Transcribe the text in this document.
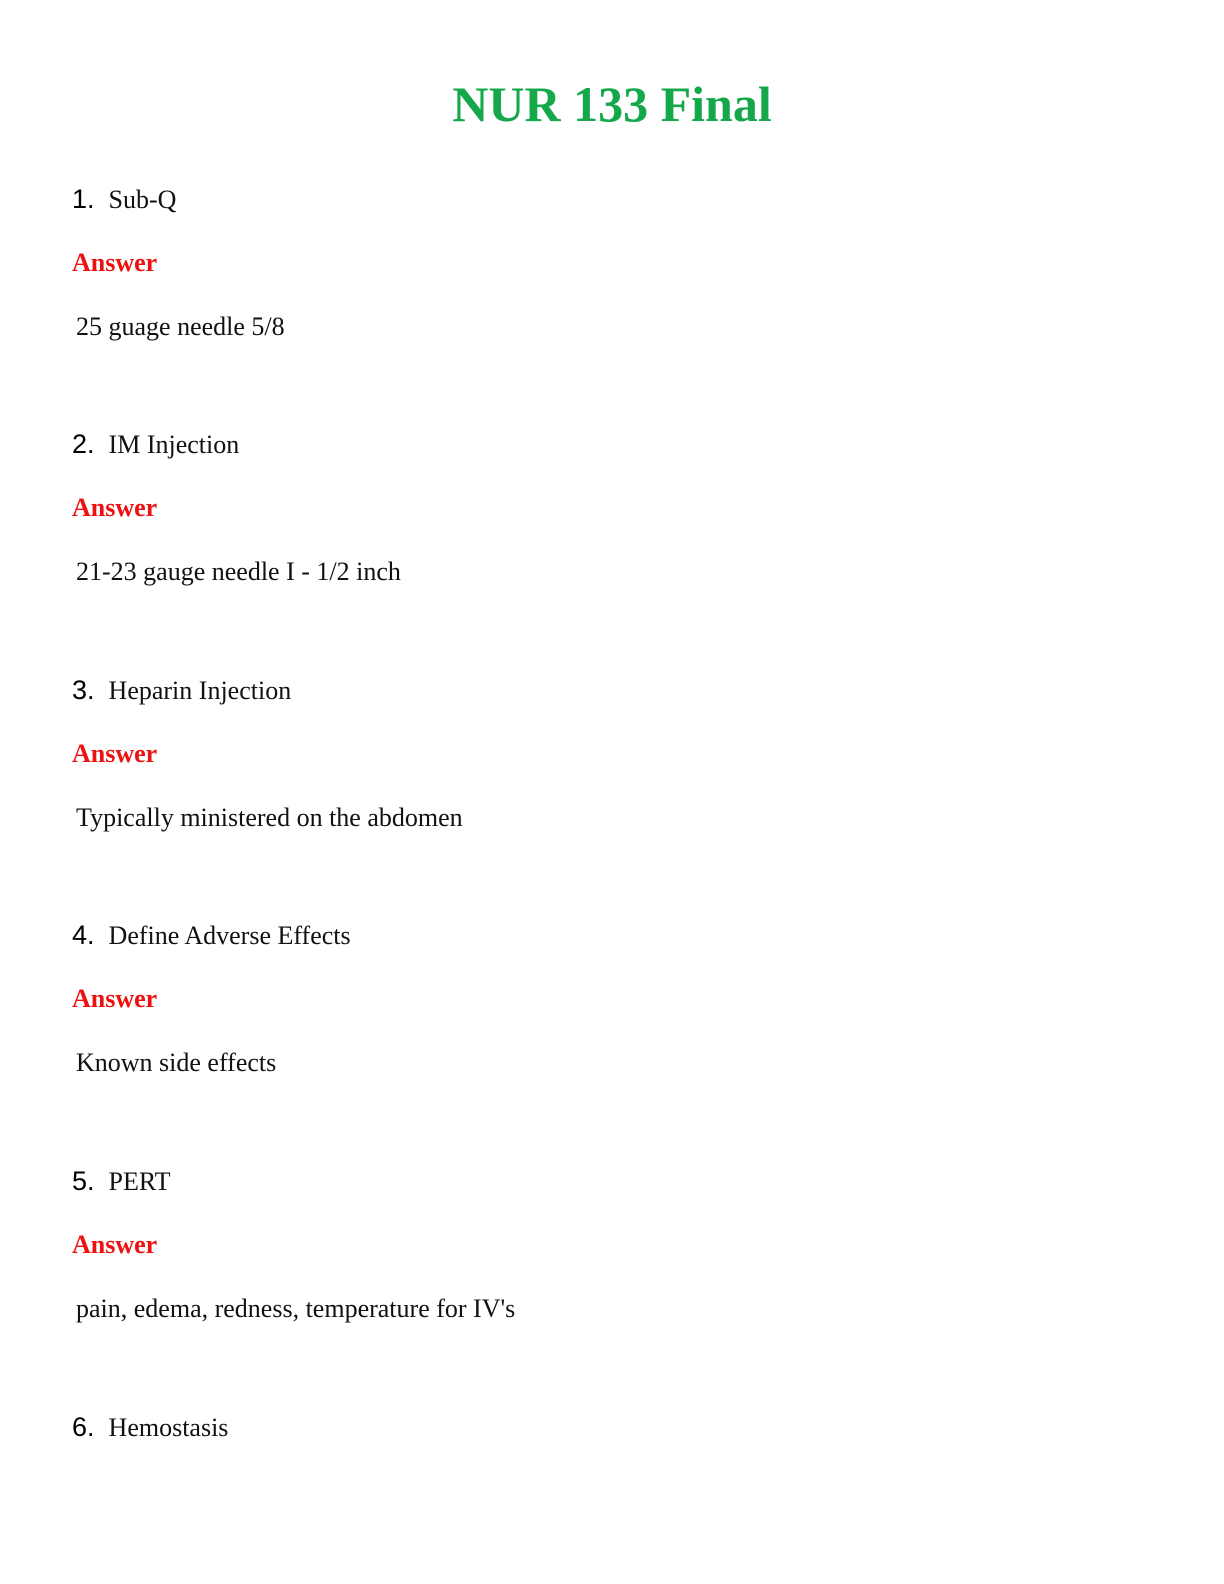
NUR 133 Final
1 . Sub-Q
Answer
25 guage needle 5/8
2 . IM Injection
Answer
21-23 gauge needle I - 1/2 inch
3 . Heparin Injection
Answer
Typically ministered on the abdomen
4 . Define Adverse Effects
Answer
Known side effects
5 . PERT
Answer
pain, edema, redness, temperature for IV's
6 . Hemostasis
